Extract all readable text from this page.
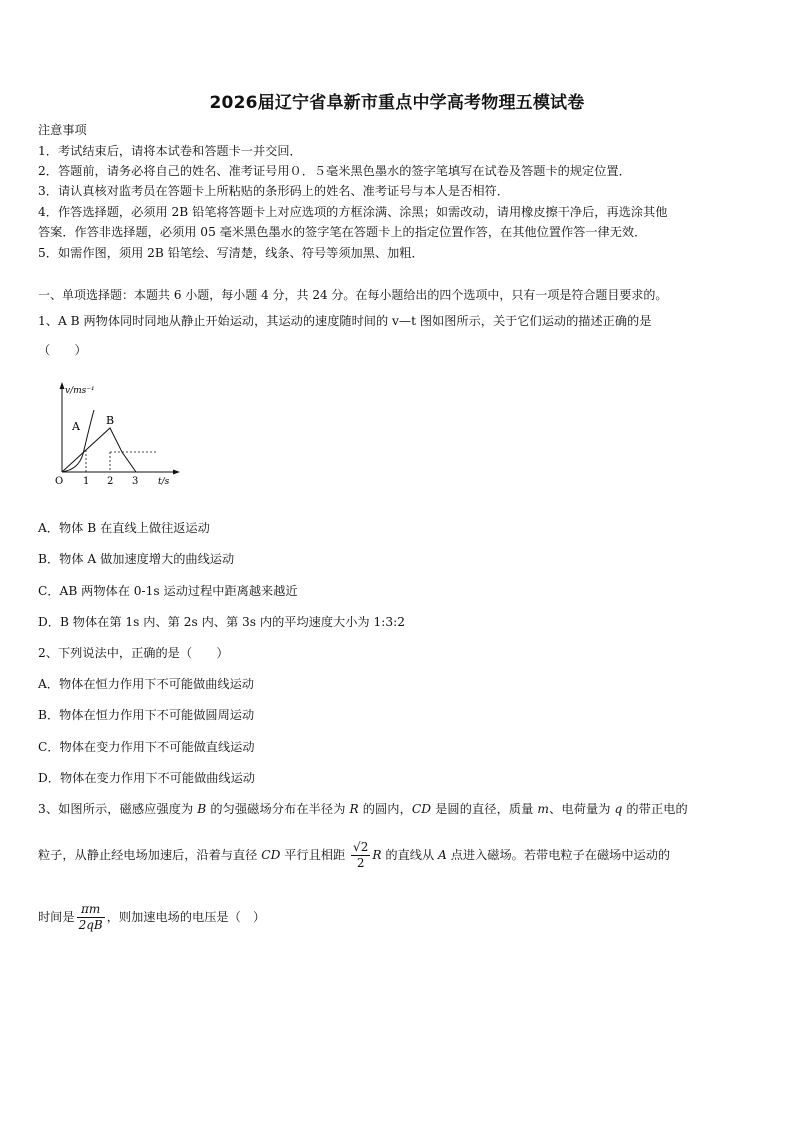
2026届辽宁省阜新市重点中学高考物理五模试卷
注意事项
1．考试结束后，请将本试卷和答题卡一并交回．
2．答题前，请务必将自己的姓名、准考证号用０．５毫米黑色墨水的签字笔填写在试卷及答题卡的规定位置．
3．请认真核对监考员在答题卡上所粘贴的条形码上的姓名、准考证号与本人是否相符．
4．作答选择题，必须用 2B 铅笔将答题卡上对应选项的方框涂满、涂黑；如需改动，请用橡皮擦干净后，再选涂其他
答案．作答非选择题，必须用 05 毫米黑色墨水的签字笔在答题卡上的指定位置作答，在其他位置作答一律无效．
5．如需作图，须用 2B 铅笔绘、写清楚，线条、符号等须加黑、加粗．
一、单项选择题：本题共 6 小题，每小题 4 分，共 24 分。在每小题给出的四个选项中，只有一项是符合题目要求的。
1、A B 两物体同时同地从静止开始运动，其运动的速度随时间的 v—t 图如图所示，关于它们运动的描述正确的是
（　　）
v/ms⁻¹
t/s
O 1 2 3
A B
A．物体 B 在直线上做往返运动
B．物体 A 做加速度增大的曲线运动
C．AB 两物体在 0-1s 运动过程中距离越来越近
D．B 物体在第 1s 内、第 2s 内、第 3s 内的平均速度大小为 1:3:2
2、下列说法中，正确的是（　　）
A．物体在恒力作用下不可能做曲线运动
B．物体在恒力作用下不可能做圆周运动
C．物体在变力作用下不可能做直线运动
D．物体在变力作用下不可能做曲线运动
3、如图所示，磁感应强度为 B 的匀强磁场分布在半径为 R 的圆内，CD 是圆的直径，质量 m、电荷量为 q 的带正电的
粒子，从静止经电场加速后，沿着与直径 CD 平行且相距 $\frac{√2}{2}$ R 的直线从 A 点进入磁场。若带电粒子在磁场中运动的
时间是 $\frac{\pi m}{2qB}$ ，则加速电场的电压是（　）
